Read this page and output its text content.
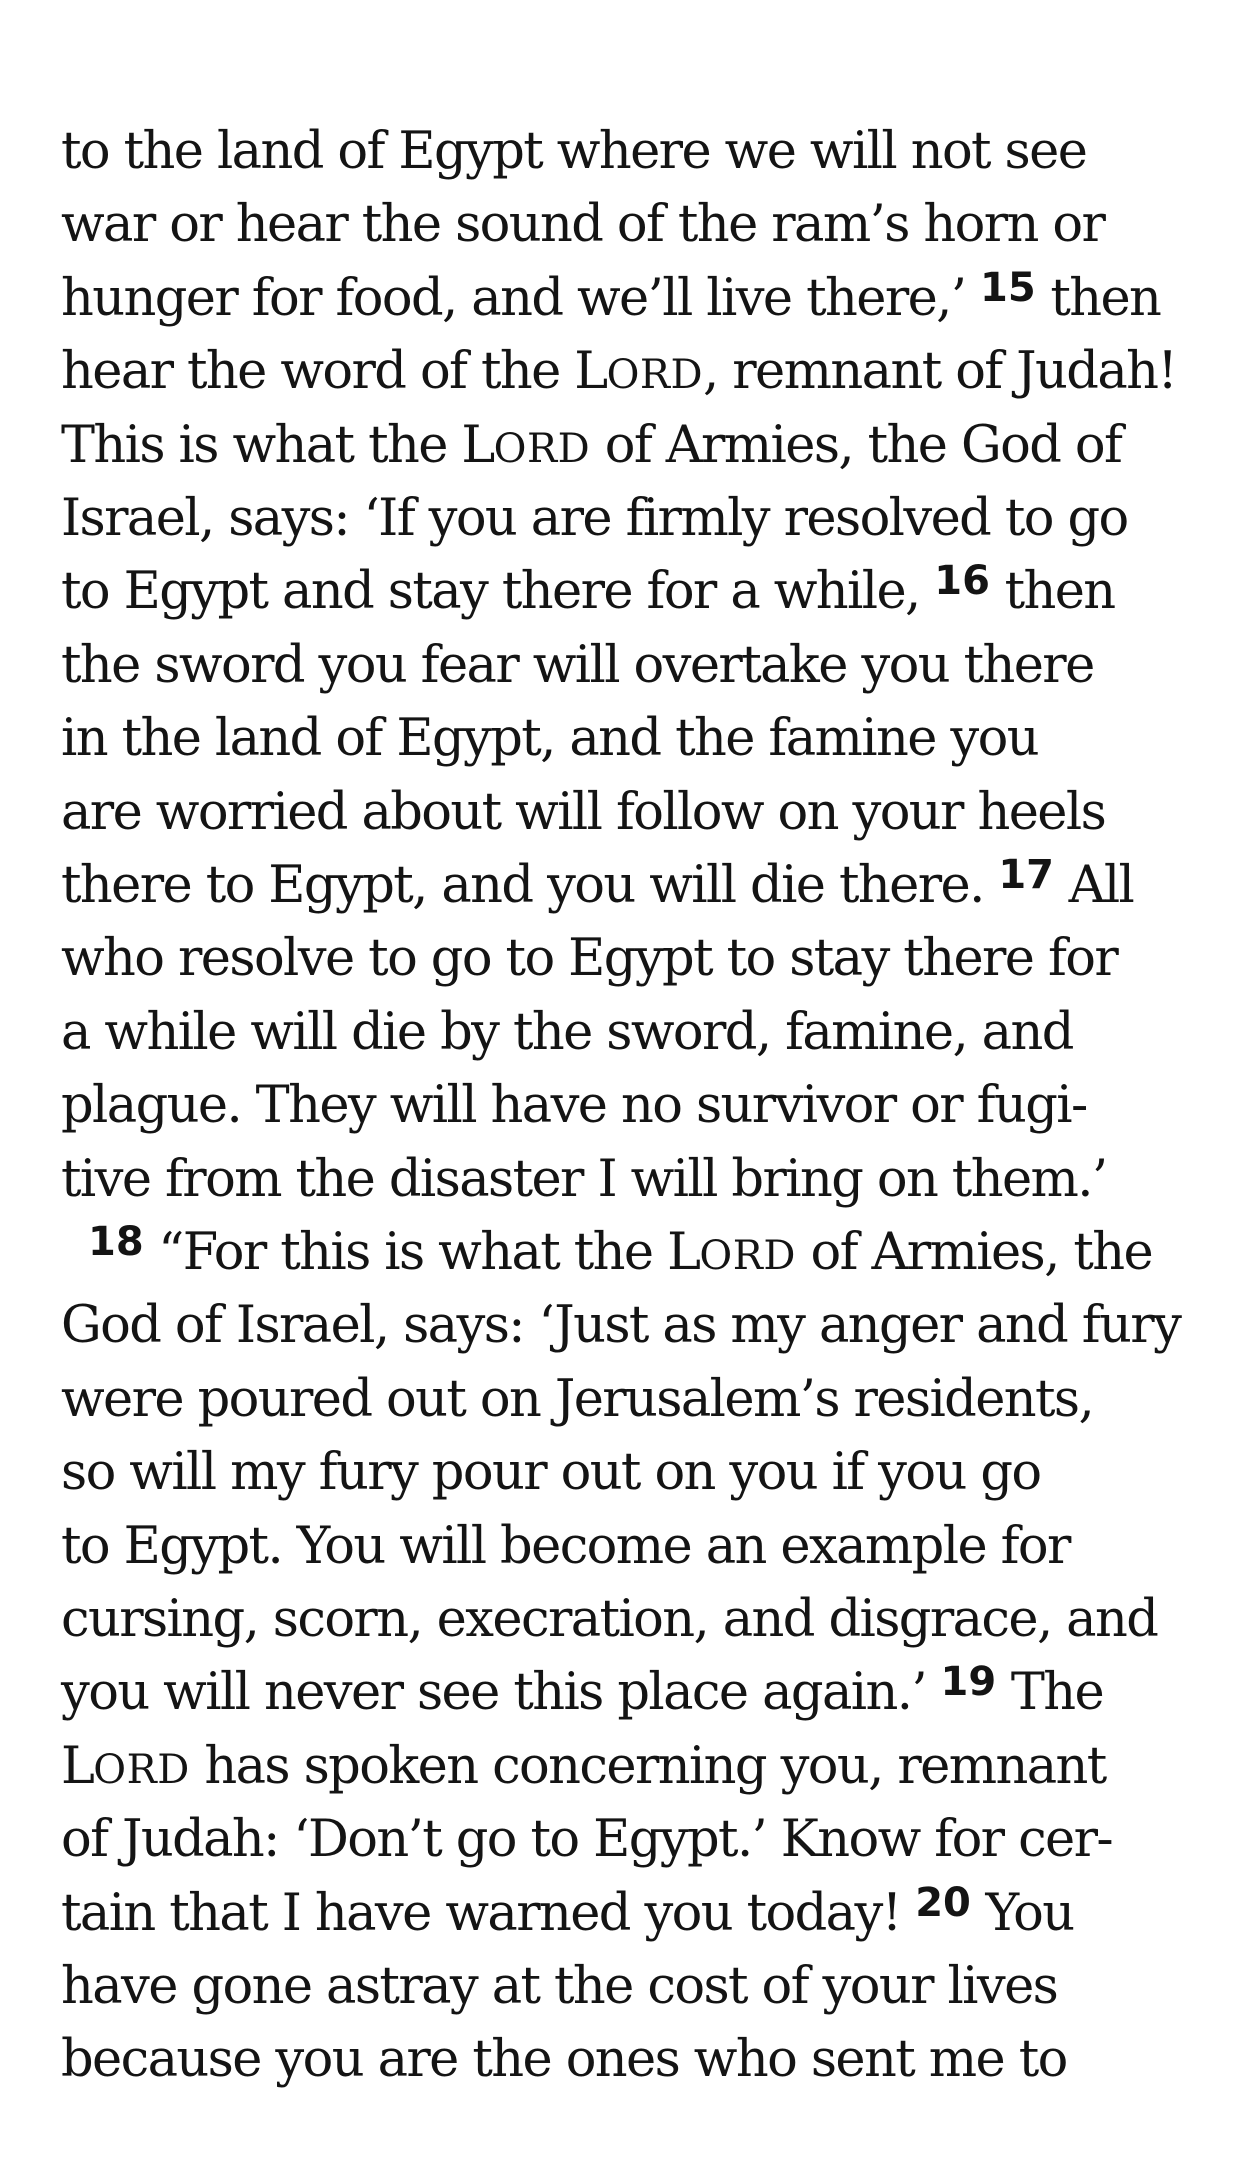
to the land of Egypt where we will not see

war or hear the sound of the ram’s horn or

hunger for food, and we’ll live there,’ $^{15}$ then

hear the word of the LORD, remnant of Judah!

This is what the LORD of Armies, the God of

Israel, says: ‘If you are firmly resolved to go

to Egypt and stay there for a while, $^{16}$ then

the sword you fear will overtake you there

in the land of Egypt, and the famine you

are worried about will follow on your heels

there to Egypt, and you will die there. $^{17}$ All

who resolve to go to Egypt to stay there for

a while will die by the sword, famine, and

plague. They will have no survivor or fugi-

tive from the disaster I will bring on them.’

$^{18}$ “For this is what the LORD of Armies, the

God of Israel, says: ‘Just as my anger and fury

were poured out on Jerusalem’s residents,

so will my fury pour out on you if you go

to Egypt. You will become an example for

cursing, scorn, execration, and disgrace, and

you will never see this place again.’ $^{19}$ The

LORD has spoken concerning you, remnant

of Judah: ‘Don’t go to Egypt.’ Know for cer-

tain that I have warned you today! $^{20}$ You

have gone astray at the cost of your lives

because you are the ones who sent me to
